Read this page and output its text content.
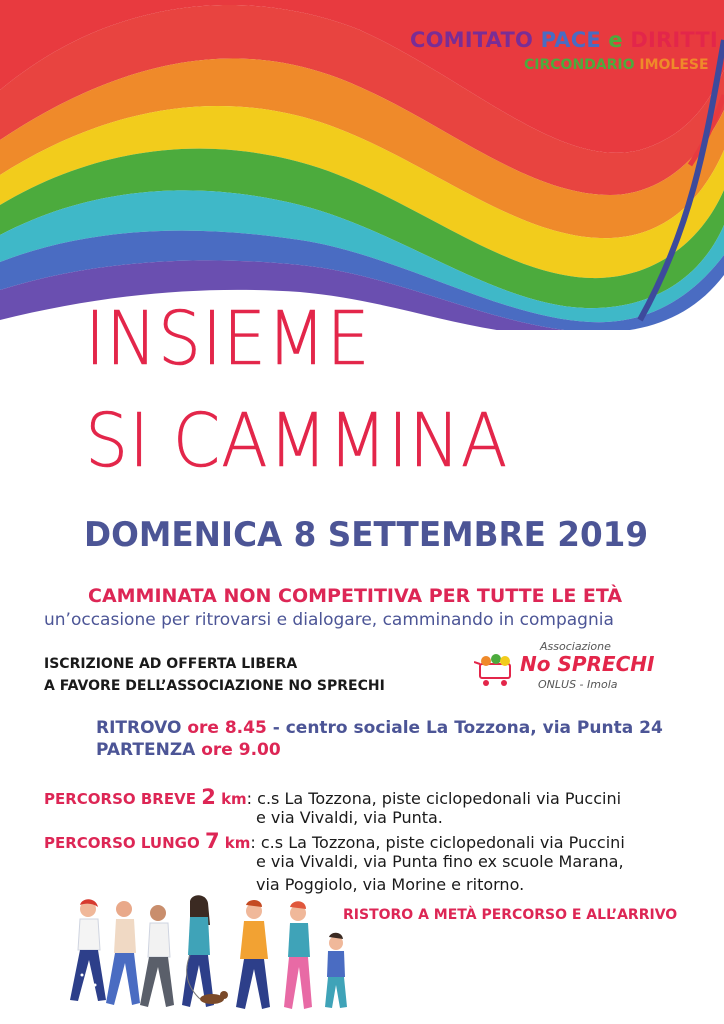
COMITATO PACE e DIRITTI
CIRCONDARIO IMOLESE
INSIEME
SI CAMMINA
DOMENICA 8 SETTEMBRE 2019
CAMMINATA NON COMPETITIVA PER TUTTE LE ETÀ
un’occasione per ritrovarsi e dialogare, camminando in compagnia
ISCRIZIONE AD OFFERTA LIBERA
A FAVORE DELL’ASSOCIAZIONE NO SPRECHI
Associazione
No SPRECHI
ONLUS - Imola
RITROVO ore 8.45 - centro sociale La Tozzona, via Punta 24
PARTENZA ore 9.00
PERCORSO BREVE 2 km: c.s La Tozzona, piste ciclopedonali via Puccini
e via Vivaldi, via Punta.
PERCORSO LUNGO 7 km: c.s La Tozzona, piste ciclopedonali via Puccini
e via Vivaldi, via Punta fino ex scuole Marana,
via Poggiolo, via Morine e ritorno.
RISTORO A METÀ PERCORSO E ALL’ARRIVO
